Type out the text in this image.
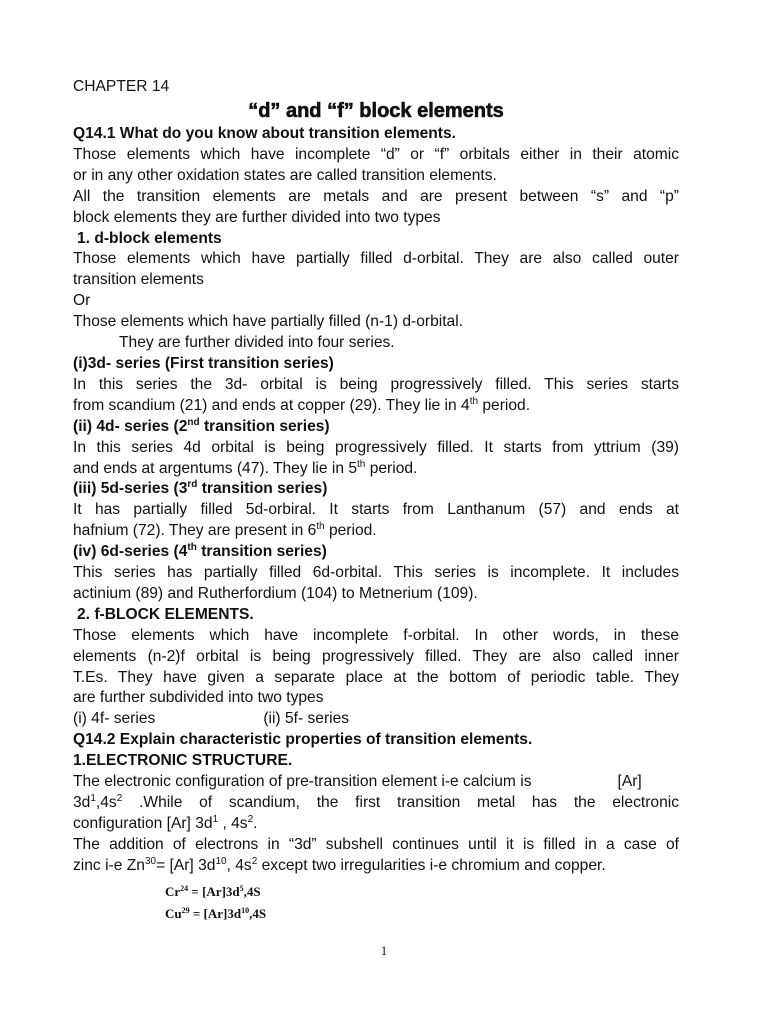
CHAPTER 14
“d” and “f” block elements
Q14.1 What do you know about transition elements.
Those elements which have incomplete “d” or “f” orbitals either in their atomic
or in any other oxidation states are called transition elements.
All the transition elements are metals and are present between “s” and “p”
block elements they are further divided into two types
1. d-block elements
Those elements which have partially filled d-orbital. They are also called outer
transition elements
Or
Those elements which have partially filled (n-1) d-orbital.
They are further divided into four series.
(i)3d- series (First transition series)
In this series the 3d- orbital is being progressively filled. This series starts
from scandium (21) and ends at copper (29). They lie in 4th period.
(ii) 4d- series (2nd transition series)
In this series 4d orbital is being progressively filled. It starts from yttrium (39)
and ends at argentums (47). They lie in 5th period.
(iii) 5d-series (3rd transition series)
It has partially filled 5d-orbiral. It starts from Lanthanum (57) and ends at
hafnium (72). They are present in 6th period.
(iv) 6d-series (4th transition series)
This series has partially filled 6d-orbital. This series is incomplete. It includes
actinium (89) and Rutherfordium (104) to Metnerium (109).
2. f-BLOCK ELEMENTS.
Those elements which have incomplete f-orbital. In other words, in these
elements (n-2)f orbital is being progressively filled. They are also called inner
T.Es. They have given a separate place at the bottom of periodic table. They
are further subdivided into two types
(i) 4f- series	(ii) 5f- series
Q14.2 Explain characteristic properties of transition elements.
1.ELECTRONIC STRUCTURE.
The electronic configuration of pre-transition element i-e calcium is	[Ar]
$3d^1,4s^2$ .While of scandium, the first transition metal has the electronic
configuration [Ar] $3d^1$ , $4s^2$.
The addition of electrons in “3d” subshell continues until it is filled in a case of
zinc i-e $Zn^{30}= [Ar]$ $3d^{10}$, $4s^2$ except two irregularities i-e chromium and copper.
$Cr^{24} = [Ar]3d^5,4S$
$Cu^{29} = [Ar]3d^{10},4S$
1
